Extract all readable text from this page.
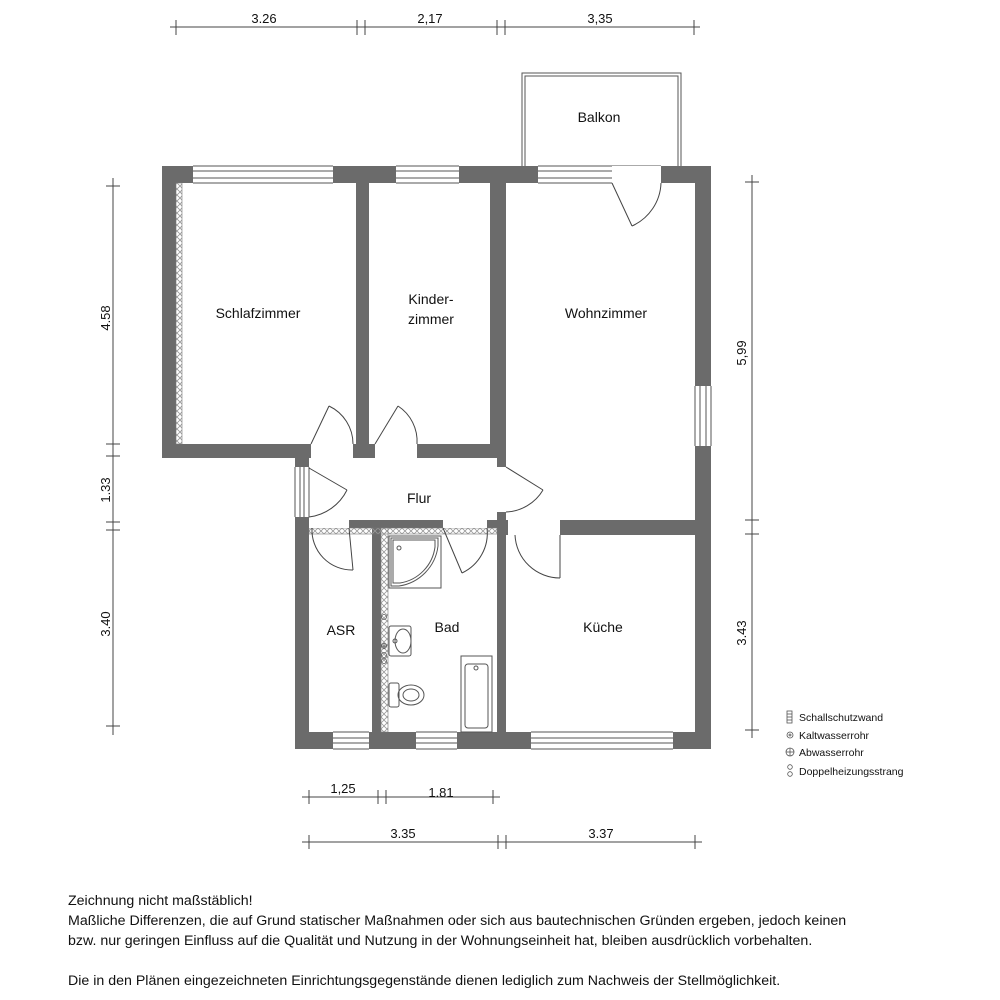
3.26	2,17	3,35
4.58
1.33
3.40
5,99
3.43
1,25	1.81
3.35	3.37
Balkon
Schlafzimmer
Kinder-
zimmer	Wohnzimmer
Flur
ASR	Bad	Küche
Schallschutzwand
Kaltwasserrohr
Abwasserrohr
Doppelheizungsstrang

Zeichnung nicht maßstäblich!

Maßliche Differenzen, die auf Grund statischer Maßnahmen oder sich aus bautechnischen Gründen ergeben, jedoch keinen

bzw. nur geringen Einfluss auf die Qualität und Nutzung in der Wohnungseinheit hat, bleiben ausdrücklich vorbehalten.

Die in den Plänen eingezeichneten Einrichtungsgegenstände dienen lediglich zum Nachweis der Stellmöglichkeit.
